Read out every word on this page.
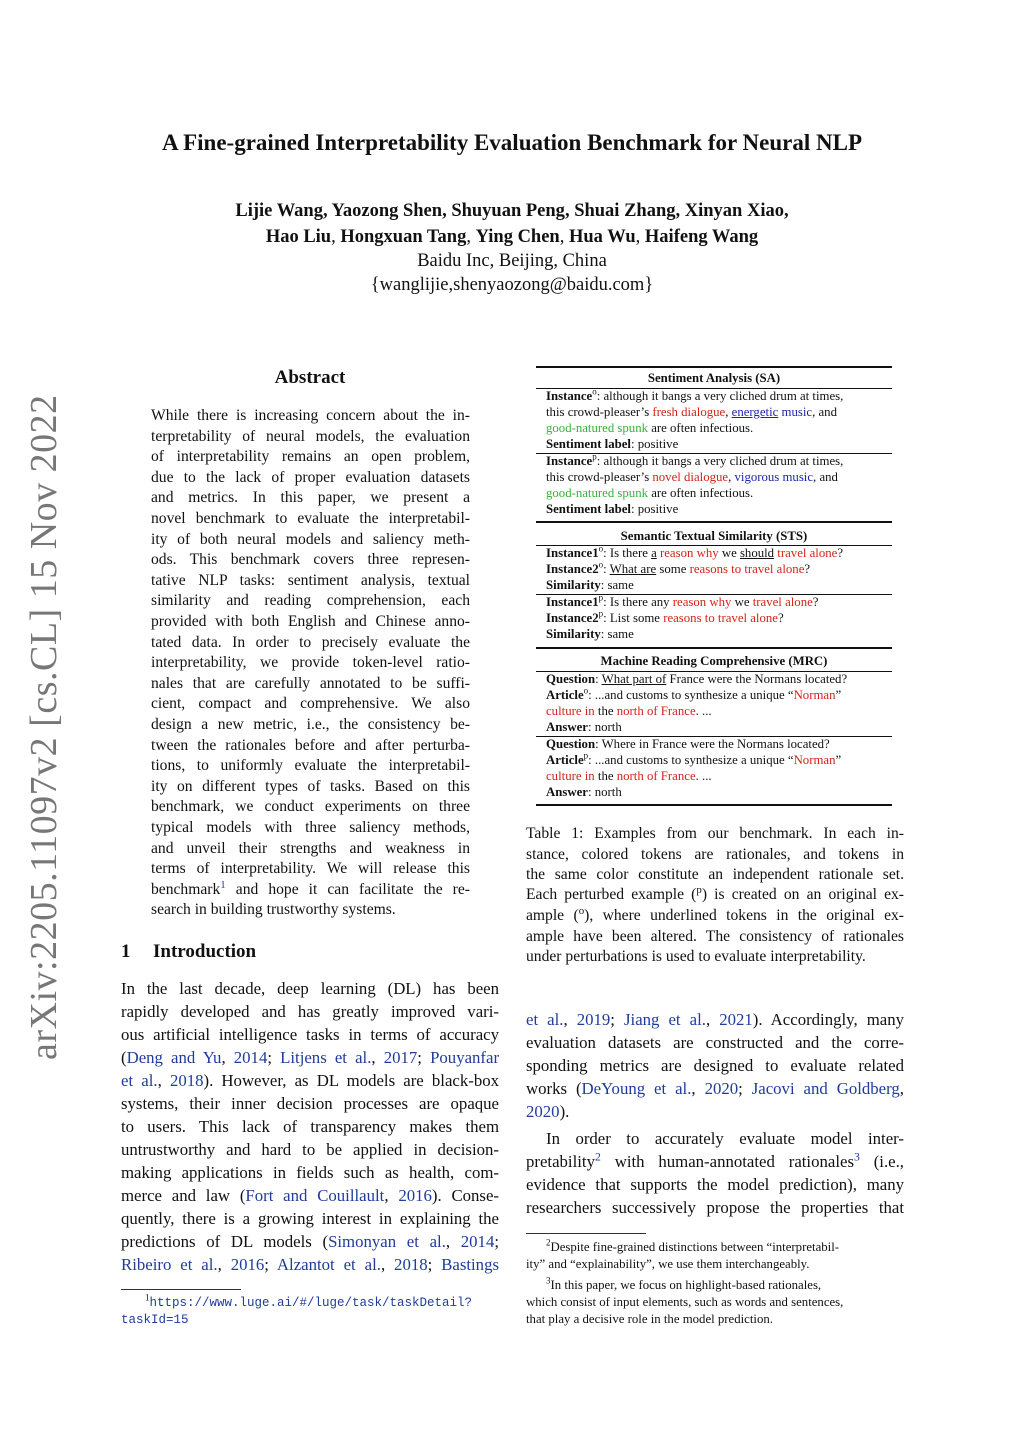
A Fine-grained Interpretability Evaluation Benchmark for Neural NLP
Lijie Wang, Yaozong Shen, Shuyuan Peng, Shuai Zhang, Xinyan Xiao,
Hao Liu, Hongxuan Tang, Ying Chen, Hua Wu, Haifeng Wang
Baidu Inc, Beijing, China
{wanglijie,shenyaozong@baidu.com}
arXiv:2205.11097v2 [cs.CL] 15 Nov 2022
Abstract
While there is increasing concern about the in-
terpretability of neural models, the evaluation
of interpretability remains an open problem,
due to the lack of proper evaluation datasets
and metrics. In this paper, we present a
novel benchmark to evaluate the interpretabil-
ity of both neural models and saliency meth-
ods. This benchmark covers three represen-
tative NLP tasks: sentiment analysis, textual
similarity and reading comprehension, each
provided with both English and Chinese anno-
tated data. In order to precisely evaluate the
interpretability, we provide token-level ratio-
nales that are carefully annotated to be suffi-
cient, compact and comprehensive. We also
design a new metric, i.e., the consistency be-
tween the rationales before and after perturba-
tions, to uniformly evaluate the interpretabil-
ity on different types of tasks. Based on this
benchmark, we conduct experiments on three
typical models with three saliency methods,
and unveil their strengths and weakness in
terms of interpretability. We will release this
benchmark$^1$ and hope it can facilitate the re-
search in building trustworthy systems.
1 Introduction
In the last decade, deep learning (DL) has been
rapidly developed and has greatly improved vari-
ous artificial intelligence tasks in terms of accuracy
(Deng and Yu, 2014; Litjens et al., 2017; Pouyanfar
et al., 2018). However, as DL models are black-box
systems, their inner decision processes are opaque
to users. This lack of transparency makes them
untrustworthy and hard to be applied in decision-
making applications in fields such as health, com-
merce and law (Fort and Couillault, 2016). Conse-
quently, there is a growing interest in explaining the
predictions of DL models (Simonyan et al., 2014;
Ribeiro et al., 2016; Alzantot et al., 2018; Bastings
$^1$https://www.luge.ai/#/luge/task/taskDetail?
taskId=15
et al., 2019; Jiang et al., 2021). Accordingly, many
evaluation datasets are constructed and the corre-
sponding metrics are designed to evaluate related
works (DeYoung et al., 2020; Jacovi and Goldberg,
2020).
In order to accurately evaluate model inter-
pretability$^2$ with human-annotated rationales$^3$ (i.e.,
evidence that supports the model prediction), many
researchers successively propose the properties that
$^2$Despite fine-grained distinctions between “interpretabil-
ity” and “explainability”, we use them interchangeably.
$^3$In this paper, we focus on highlight-based rationales,
which consist of input elements, such as words and sentences,
that play a decisive role in the model prediction.
Sentiment Analysis (SA)
Instance$^o$: although it bangs a very cliched drum at times,
this crowd-pleaser’s fresh dialogue, energetic music, and
good-natured spunk are often infectious.
Sentiment label: positive
Instance$^p$: although it bangs a very cliched drum at times,
this crowd-pleaser’s novel dialogue, vigorous music, and
good-natured spunk are often infectious.
Sentiment label: positive
Semantic Textual Similarity (STS)
Instance1$^o$: Is there a reason why we should travel alone?
Instance2$^o$: What are some reasons to travel alone?
Similarity: same
Instance1$^p$: Is there any reason why we travel alone?
Instance2$^p$: List some reasons to travel alone?
Similarity: same
Machine Reading Comprehensive (MRC)
Question: What part of France were the Normans located?
Article$^o$: ...and customs to synthesize a unique “Norman”
culture in the north of France. ...
Answer: north
Question: Where in France were the Normans located?
Article$^p$: ...and customs to synthesize a unique “Norman”
culture in the north of France. ...
Answer: north
Table 1: Examples from our benchmark. In each in-
stance, colored tokens are rationales, and tokens in
the same color constitute an independent rationale set.
Each perturbed example ($^p$) is created on an original ex-
ample ($^o$), where underlined tokens in the original ex-
ample have been altered. The consistency of rationales
under perturbations is used to evaluate interpretability.
